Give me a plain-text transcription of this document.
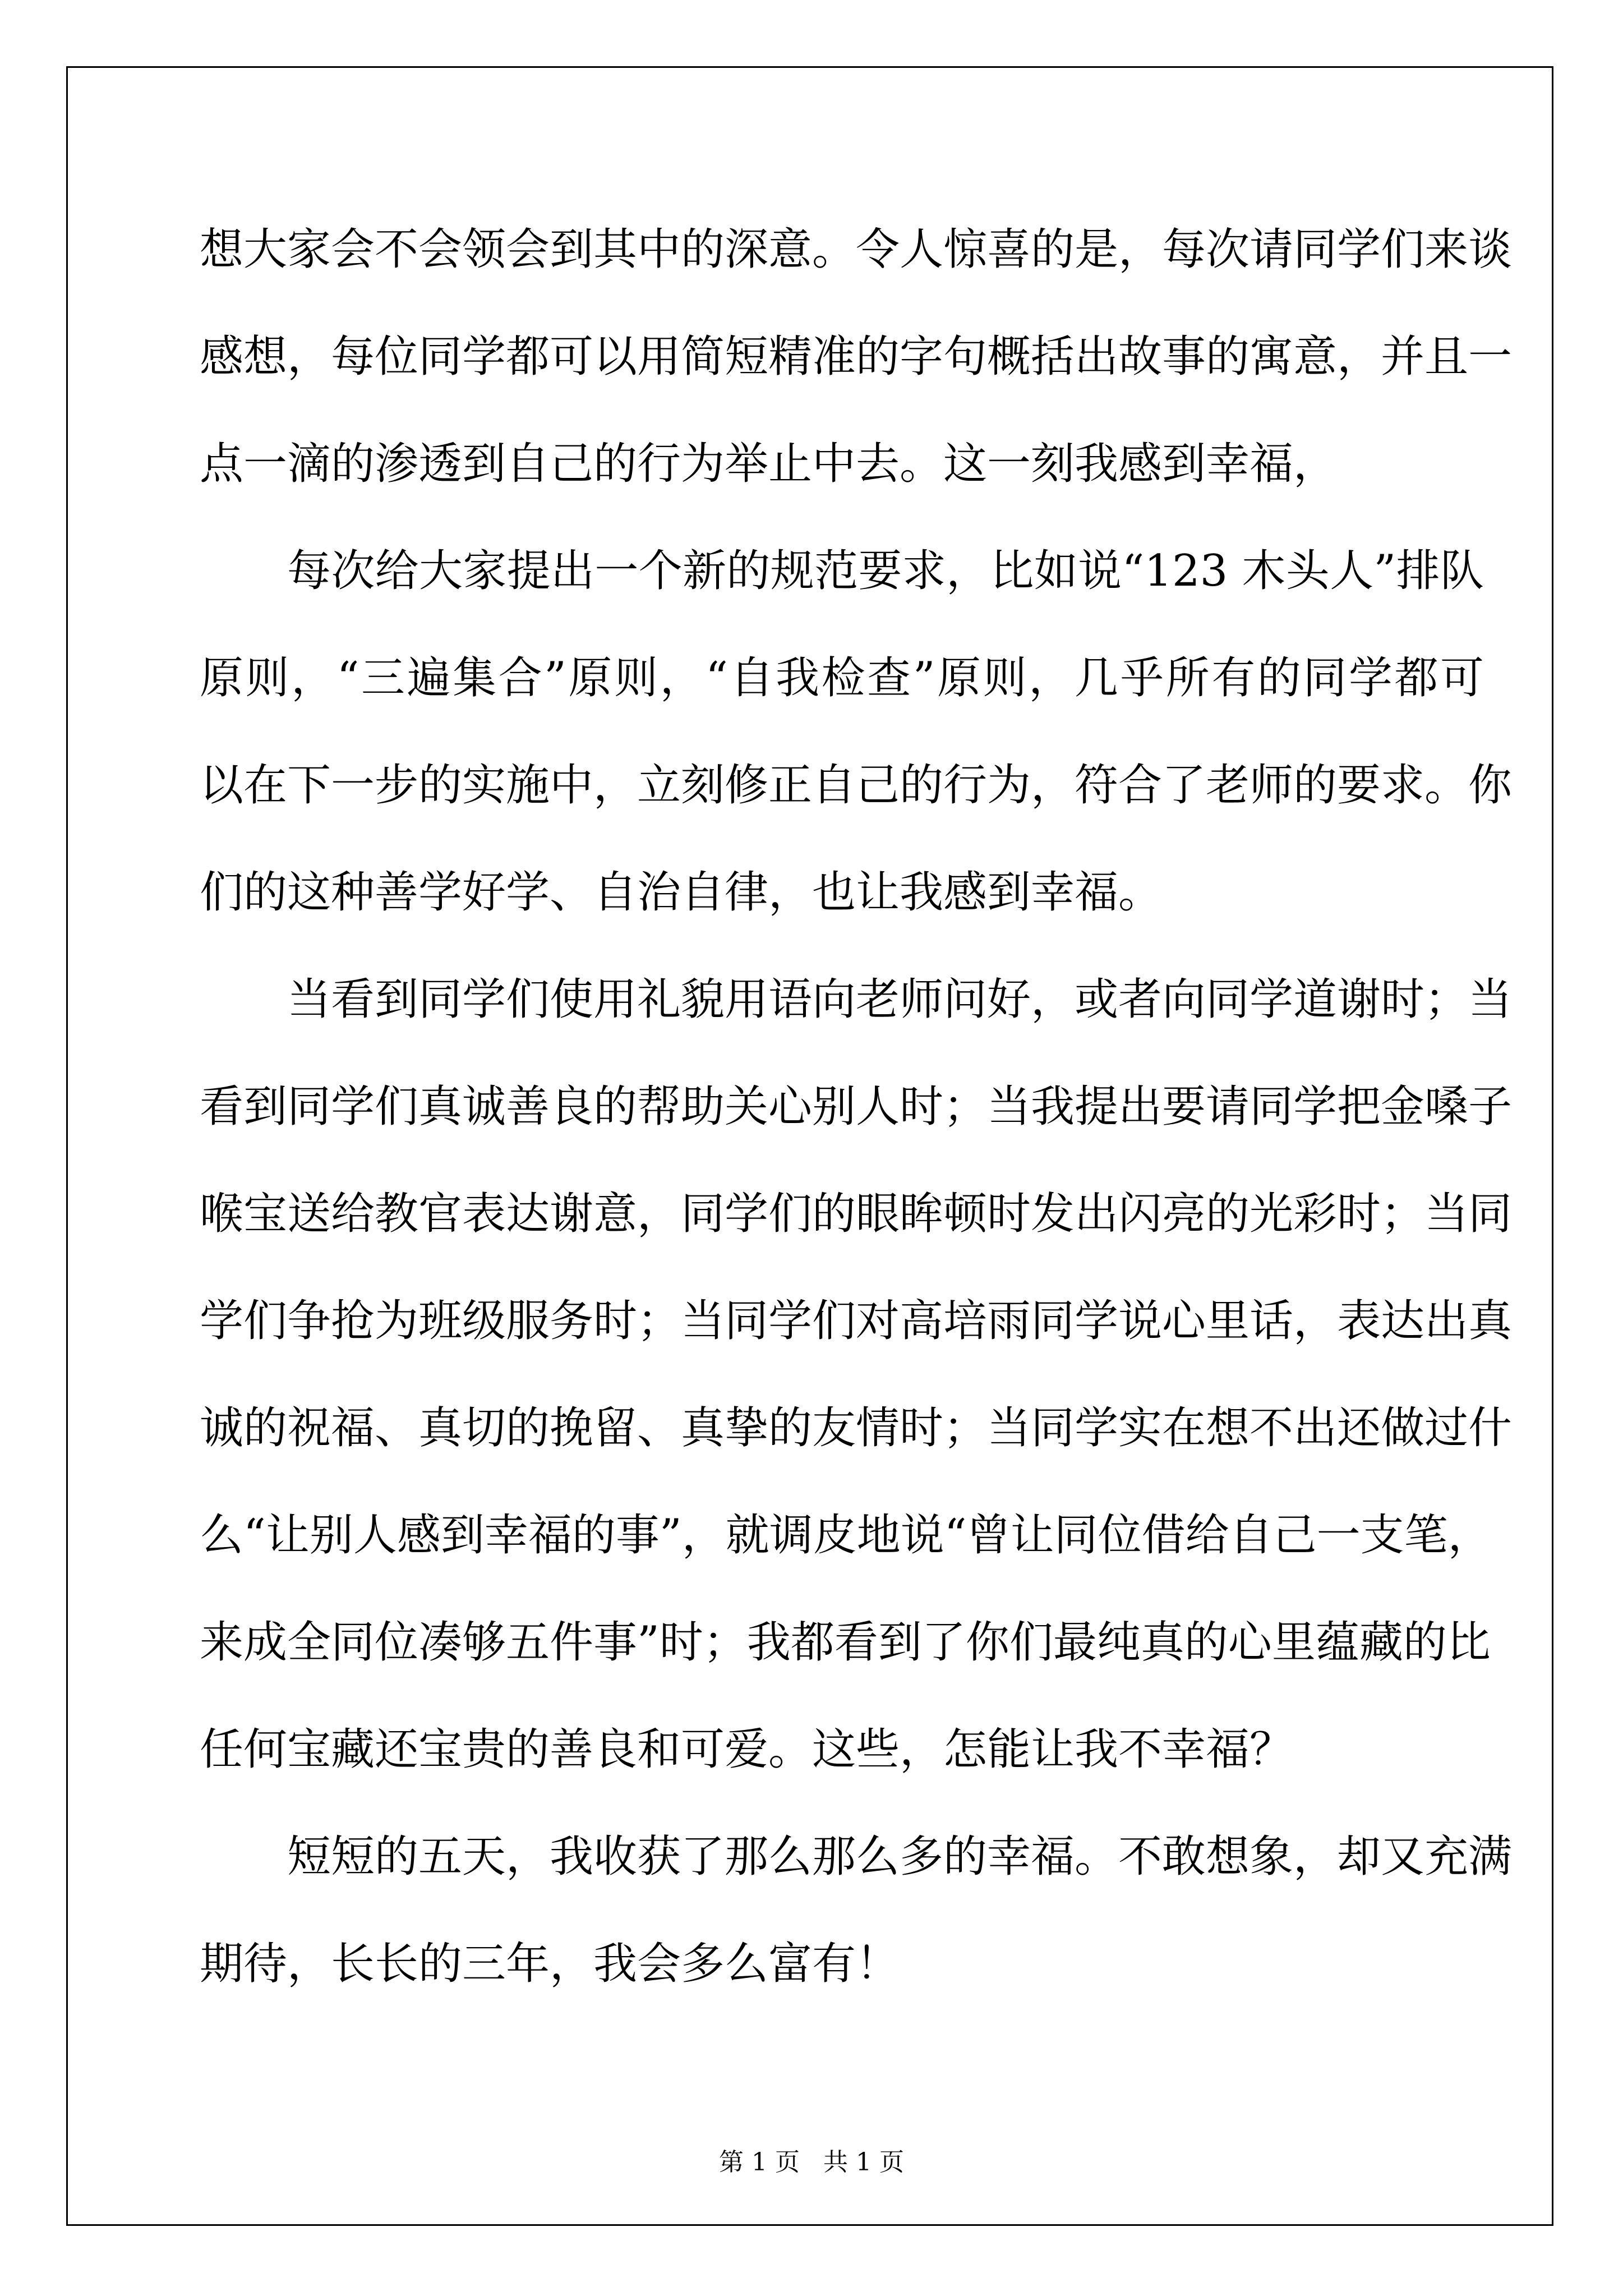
想大家会不会领会到其中的深意。令人惊喜的是，每次请同学们来谈
感想，每位同学都可以用简短精准的字句概括出故事的寓意，并且一
点一滴的渗透到自己的行为举止中去。这一刻我感到幸福，
每次给大家提出一个新的规范要求，比如说“123 木头人”排队
原则，“三遍集合”原则，“自我检查”原则，几乎所有的同学都可
以在下一步的实施中，立刻修正自己的行为，符合了老师的要求。你
们的这种善学好学、自治自律，也让我感到幸福。
当看到同学们使用礼貌用语向老师问好，或者向同学道谢时；当
看到同学们真诚善良的帮助关心别人时；当我提出要请同学把金嗓子
喉宝送给教官表达谢意，同学们的眼眸顿时发出闪亮的光彩时；当同
学们争抢为班级服务时；当同学们对高培雨同学说心里话，表达出真
诚的祝福、真切的挽留、真挚的友情时；当同学实在想不出还做过什
么“让别人感到幸福的事”，就调皮地说“曾让同位借给自己一支笔，
来成全同位凑够五件事”时；我都看到了你们最纯真的心里蕴藏的比
任何宝藏还宝贵的善良和可爱。这些，怎能让我不幸福？
短短的五天，我收获了那么那么多的幸福。不敢想象，却又充满
期待，长长的三年，我会多么富有！
第 1 页   共 1 页
